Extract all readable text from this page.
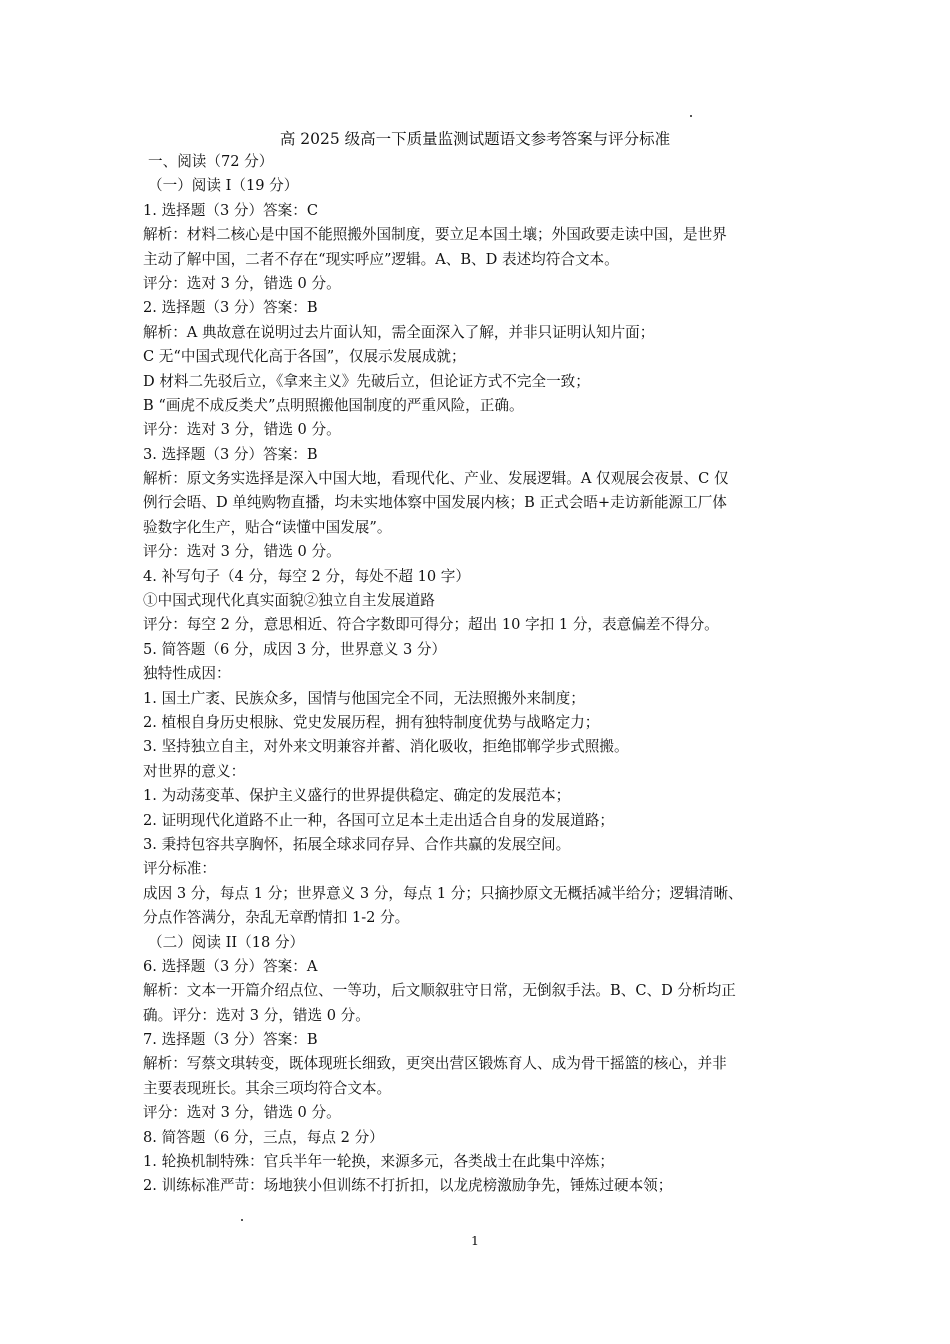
高 2025 级高一下质量监测试题语文参考答案与评分标准
一、阅读（72 分）
（一）阅读 I（19 分）
1. 选择题（3 分）答案：C
解析：材料二核心是中国不能照搬外国制度，要立足本国土壤；外国政要走读中国，是世界
主动了解中国，二者不存在“现实呼应”逻辑。A、B、D 表述均符合文本。
评分：选对 3 分，错选 0 分。
2. 选择题（3 分）答案：B
解析：A 典故意在说明过去片面认知，需全面深入了解，并非只证明认知片面；
C 无“中国式现代化高于各国”，仅展示发展成就；
D 材料二先驳后立，《拿来主义》先破后立，但论证方式不完全一致；
B “画虎不成反类犬”点明照搬他国制度的严重风险，正确。
评分：选对 3 分，错选 0 分。
3. 选择题（3 分）答案：B
解析：原文务实选择是深入中国大地，看现代化、产业、发展逻辑。A 仅观展会夜景、C 仅
例行会晤、D 单纯购物直播，均未实地体察中国发展内核；B 正式会晤+走访新能源工厂体
验数字化生产，贴合“读懂中国发展”。
评分：选对 3 分，错选 0 分。
4. 补写句子（4 分，每空 2 分，每处不超 10 字）
①中国式现代化真实面貌②独立自主发展道路
评分：每空 2 分，意思相近、符合字数即可得分；超出 10 字扣 1 分，表意偏差不得分。
5. 简答题（6 分，成因 3 分，世界意义 3 分）
独特性成因：
1. 国土广袤、民族众多，国情与他国完全不同，无法照搬外来制度；
2. 植根自身历史根脉、党史发展历程，拥有独特制度优势与战略定力；
3. 坚持独立自主，对外来文明兼容并蓄、消化吸收，拒绝邯郸学步式照搬。
对世界的意义：
1. 为动荡变革、保护主义盛行的世界提供稳定、确定的发展范本；
2. 证明现代化道路不止一种，各国可立足本土走出适合自身的发展道路；
3. 秉持包容共享胸怀，拓展全球求同存异、合作共赢的发展空间。
评分标准：
成因 3 分，每点 1 分；世界意义 3 分，每点 1 分；只摘抄原文无概括减半给分；逻辑清晰、
分点作答满分，杂乱无章酌情扣 1-2 分。
（二）阅读 II（18 分）
6. 选择题（3 分）答案：A
解析：文本一开篇介绍点位、一等功，后文顺叙驻守日常，无倒叙手法。B、C、D 分析均正
确。评分：选对 3 分，错选 0 分。
7. 选择题（3 分）答案：B
解析：写蔡文琪转变，既体现班长细致，更突出营区锻炼育人、成为骨干摇篮的核心，并非
主要表现班长。其余三项均符合文本。
评分：选对 3 分，错选 0 分。
8. 简答题（6 分，三点，每点 2 分）
1. 轮换机制特殊：官兵半年一轮换，来源多元，各类战士在此集中淬炼；
2. 训练标准严苛：场地狭小但训练不打折扣，以龙虎榜激励争先，锤炼过硬本领；
1
